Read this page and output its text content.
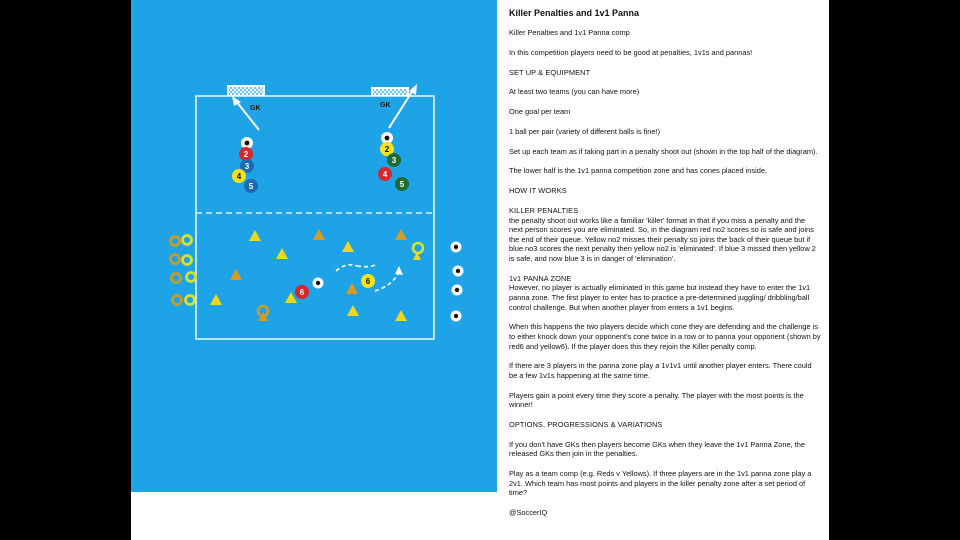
GK	GK
2
3
4
5
2
3
4
5
6
6

Killer Penalties and 1v1 Panna

Killer Penalties and 1v1 Panna comp

In this competition players need to be good at penalties, 1v1s and pannas!

SET UP & EQUIPMENT

At least two teams (you can have more)

One goal per team

1 ball per pair (variety of different balls is fine!)

Set up each team as if taking part in a penalty shoot out (shown in the top half of the diagram).

The lower half is the 1v1 panna competition zone and has cones placed inside.

HOW IT WORKS

KILLER PENALTIES

the penalty shoot out works like a familiar 'killer' format in that if you miss a penalty and the next person scores you are eliminated. So, in the diagram red no2 scores so is safe and joins the end of their queue. Yellow no2 misses their penalty so joins the back of their queue but if blue no3 scores the next penalty then yellow no2 is 'eliminated'. If blue 3 missed then yellow 2 is safe, and now blue 3 is in danger of 'elimination'.

1v1 PANNA ZONE

However, no player is actually eliminated in this game but instead they have to enter the 1v1 panna zone. The first player to enter has to practice a pre-determined juggling/ dribbling/ball control challenge. But when another player from enters a 1v1 begins.

When this happens the two players decide which cone they are defending and the challenge is to either knock down your opponent's cone twice in a row or to panna your opponent (shown by red6 and yellow6). If the player does this they rejoin the Killer penalty comp.

If there are 3 players in the panna zone play a 1v1v1 until another player enters. There could be a few 1v1s happening at the same time.

Players gain a point every time they score a penalty. The player with the most points is the winner!

OPTIONS, PROGRESSIONS & VARIATIONS

If you don't have GKs then players become GKs when they leave the 1v1 Panna Zone, the released GKs then join in the penalties.

Play as a team comp (e.g. Reds v Yellows). If three players are in the 1v1 panna zone play a 2v1. Which team has most points and players in the killer penalty zone after a set period of time?

@SoccerIQ
